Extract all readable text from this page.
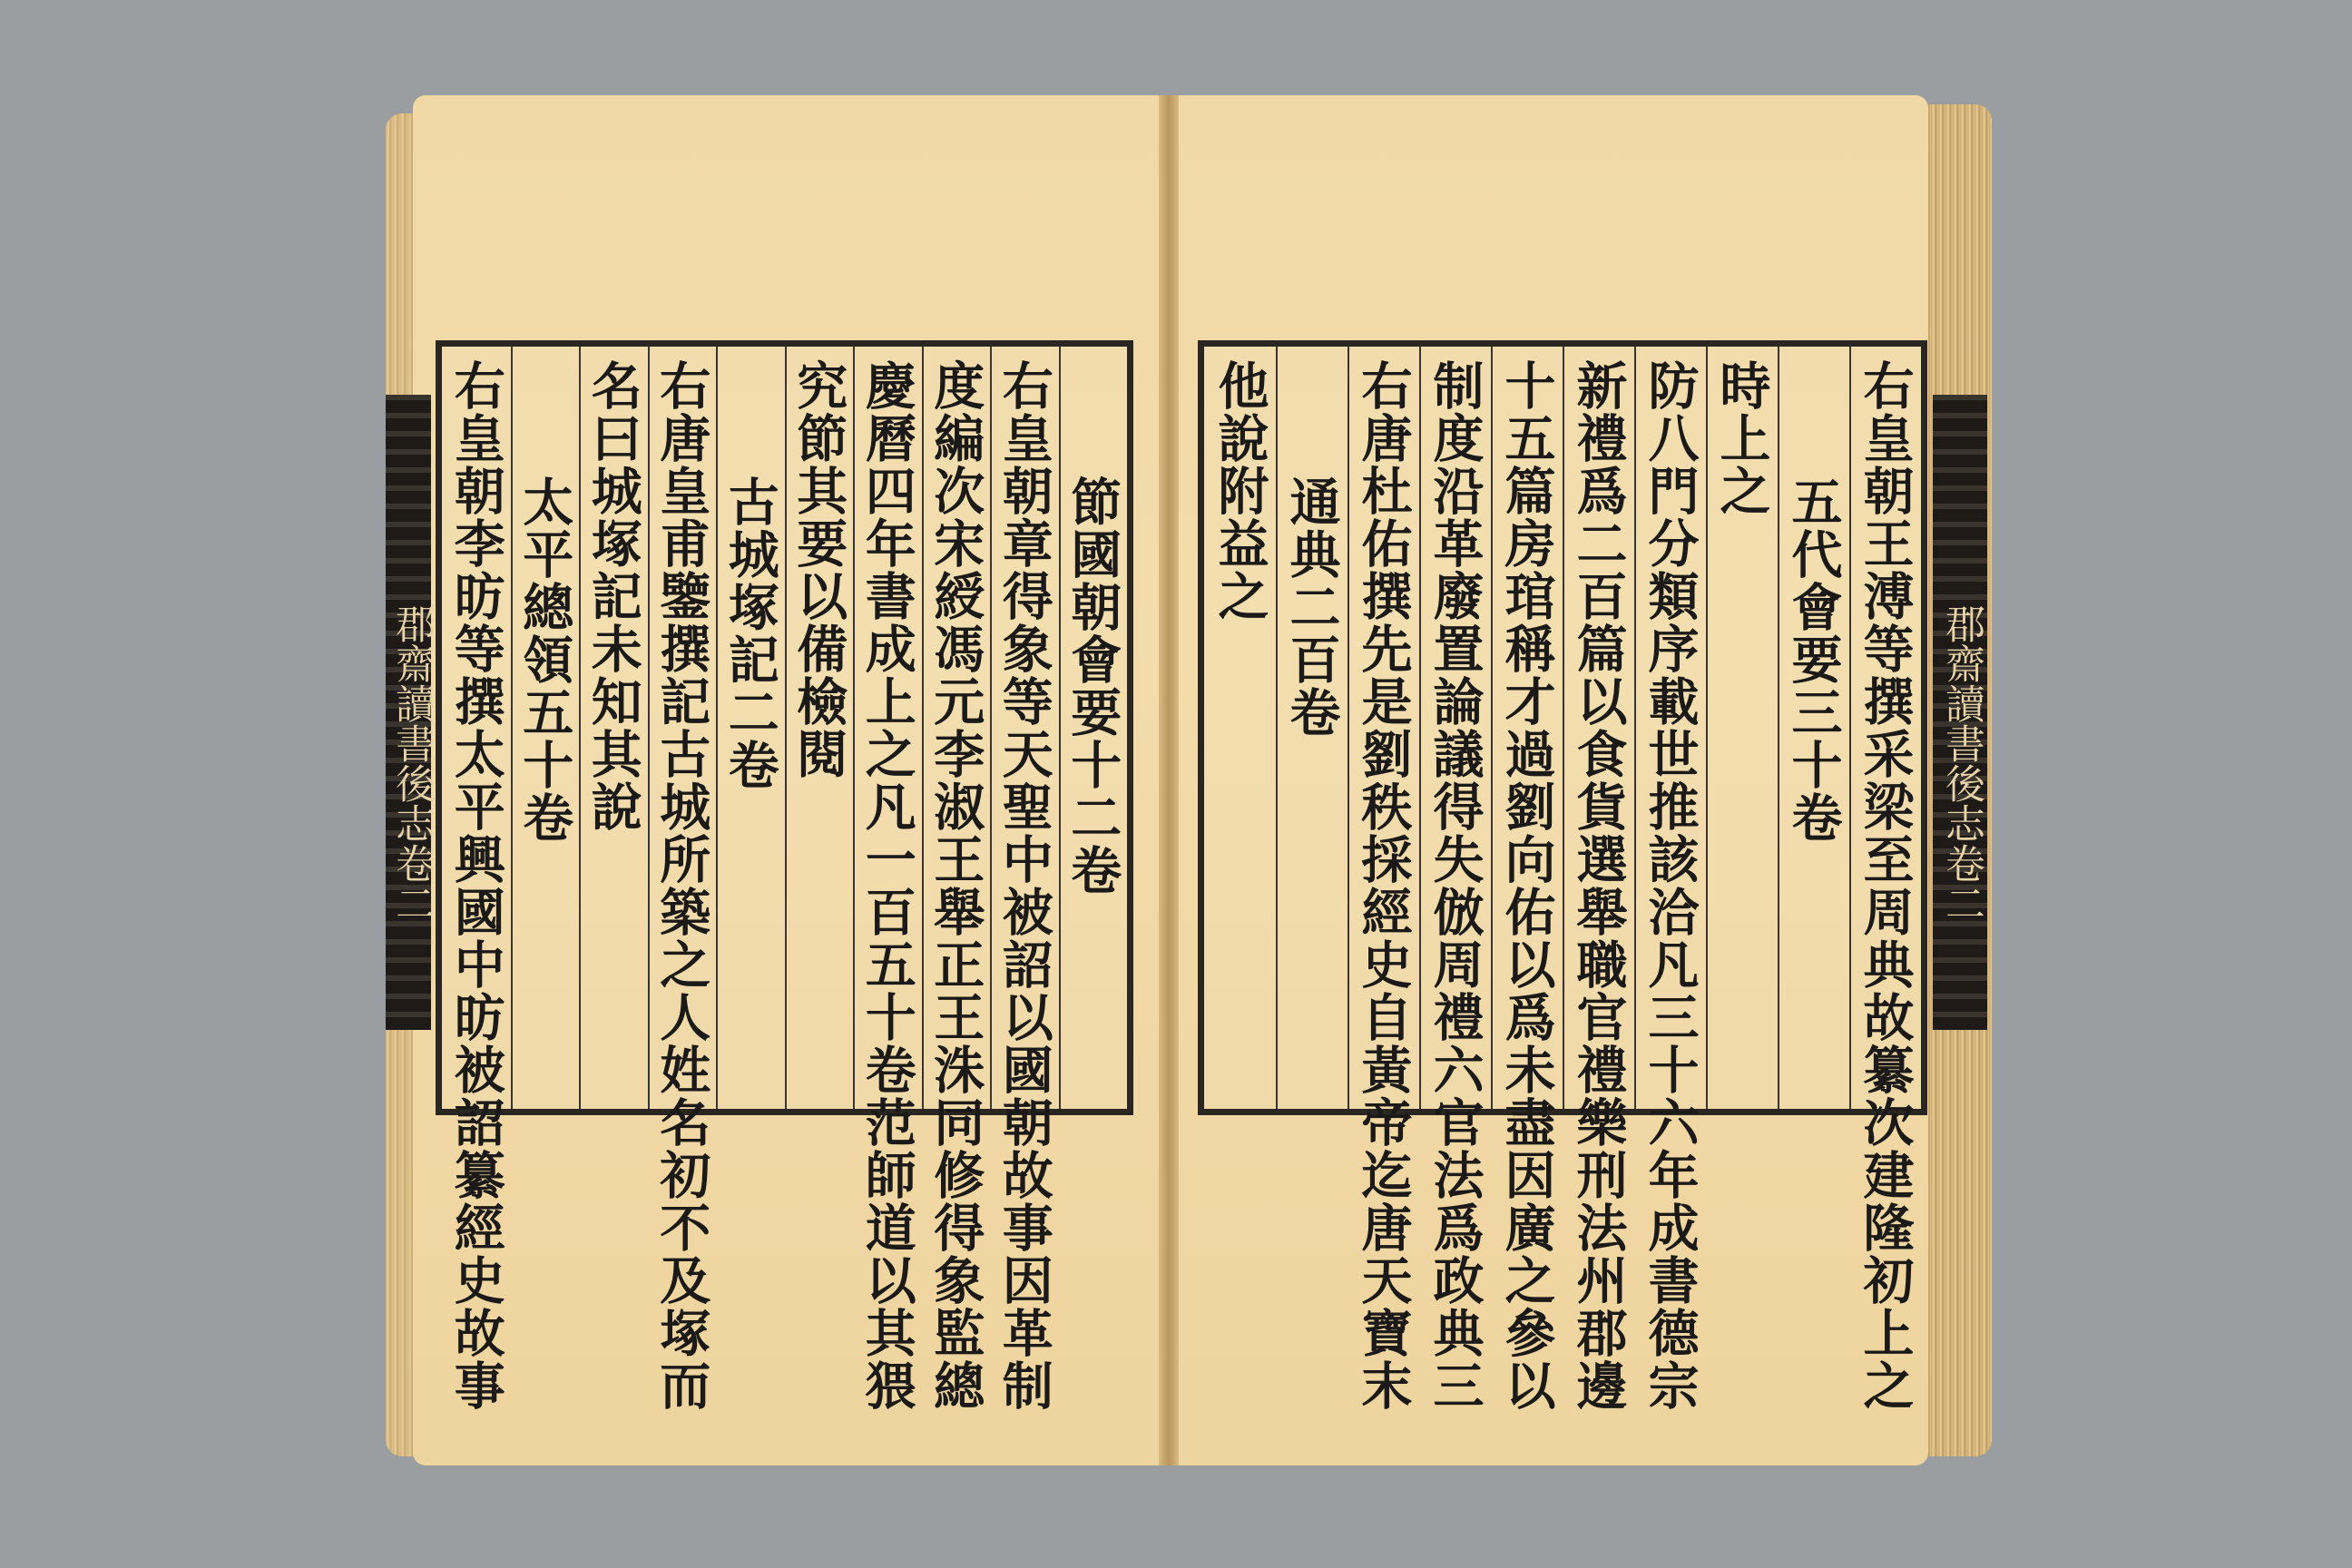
郡齋讀書後志卷二	郡齋讀書後志卷二
右皇朝李昉等撰太平興國中昉被詔纂經史故事 太平總領五十卷 名曰城塚記未知其說 右唐皇甫鑒撰記古城所築之人姓名初不及塚而 古城塚記二卷 究節其要以備檢閱 慶曆四年書成上之凡一百五十卷范師道以其猥 度編次宋綬馮元李淑王舉正王洙同修得象監總 右皇朝章得象等天聖中被詔以國朝故事因革制 節國朝會要十二卷 他說附益之 通典二百卷 右唐杜佑撰先是劉秩採經史自黃帝迄唐天寶末 制度沿革廢置論議得失倣周禮六官法爲政典三 十五篇房琯稱才過劉向佑以爲未盡因廣之參以 新禮爲二百篇以食貨選舉職官禮樂刑法州郡邊 防八門分類序載世推該洽凡三十六年成書德宗 時上之
五代會要三十卷 右皇朝王溥等撰采梁至周典故纂次建隆初上之
